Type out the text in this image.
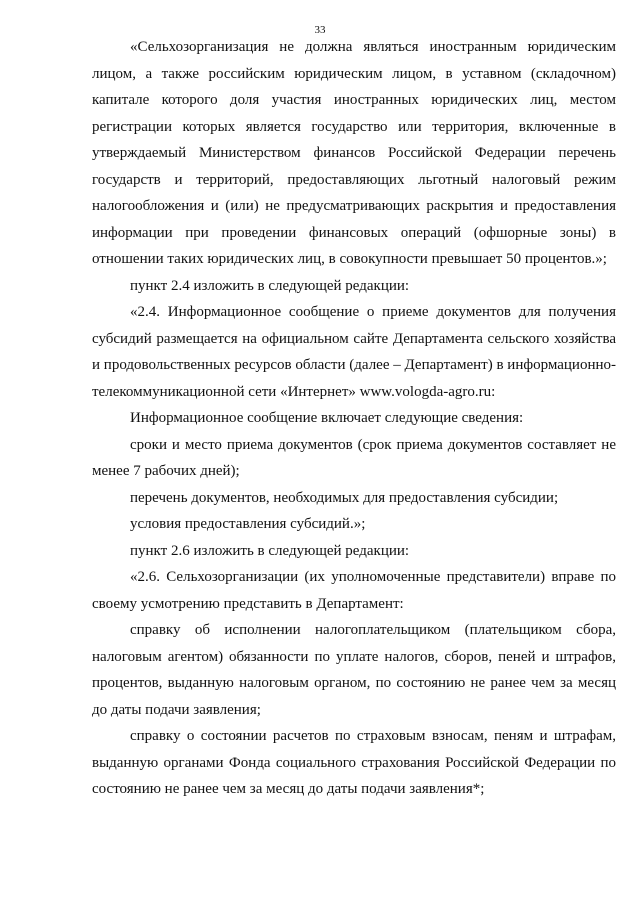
33

«Сельхозорганизация не должна являться иностранным юридическим лицом, а также российским юридическим лицом, в уставном (складочном) капитале которого доля участия иностранных юридических лиц, местом регистрации которых является государство или территория, включенные в утверждаемый Министерством финансов Российской Федерации перечень государств и территорий, предоставляющих льготный налоговый режим налогообложения и (или) не предусматривающих раскрытия и предоставления информации при проведении финансовых операций (офшорные зоны) в отношении таких юридических лиц, в совокупности превышает 50 процентов.»;

пункт 2.4 изложить в следующей редакции:

«2.4. Информационное сообщение о приеме документов для получения субсидий размещается на официальном сайте Департамента сельского хозяйства и продовольственных ресурсов области (далее – Департамент) в информационно-телекоммуникационной сети «Интернет» www.vologda-agro.ru:

Информационное сообщение включает следующие сведения:

сроки и место приема документов (срок приема документов составляет не менее 7 рабочих дней);

перечень документов, необходимых для предоставления субсидии;

условия предоставления субсидий.»;

пункт 2.6 изложить в следующей редакции:

«2.6. Сельхозорганизации (их уполномоченные представители) вправе по своему усмотрению представить в Департамент:

справку об исполнении налогоплательщиком (плательщиком сбора, налоговым агентом) обязанности по уплате налогов, сборов, пеней и штрафов, процентов, выданную налоговым органом, по состоянию не ранее чем за месяц до даты подачи заявления;

справку о состоянии расчетов по страховым взносам, пеням и штрафам, выданную органами Фонда социального страхования Российской Федерации по состоянию не ранее чем за месяц до даты подачи заявления*;
